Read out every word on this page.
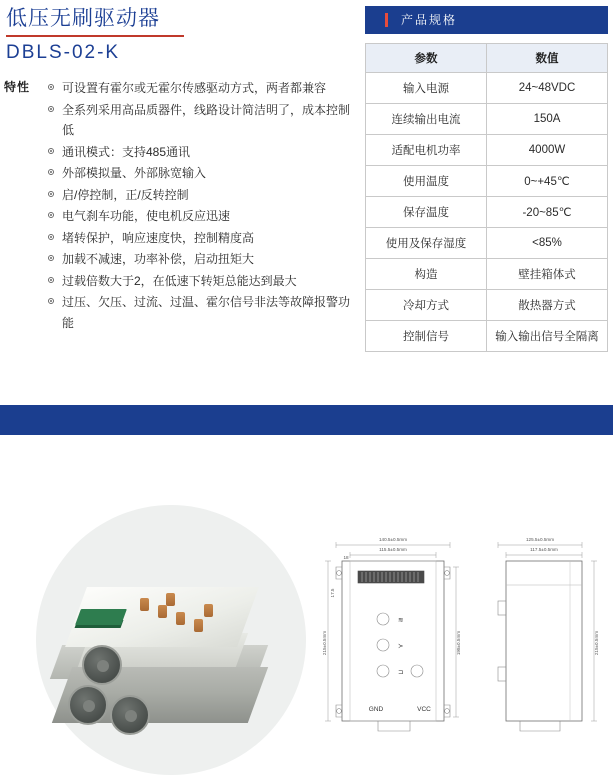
低压无刷驱动器
DBLS-02-K
特性	可设置有霍尔或无霍尔传感驱动方式，两者都兼容
全系列采用高品质器件，线路设计简洁明了，成本控制低
通讯模式：支持485通讯
外部模拟量、外部脉宽输入
启/停控制，正/反转控制
电气刹车功能，使电机反应迅速
堵转保护，响应速度快，控制精度高
加载不减速，功率补偿，启动扭矩大
过载倍数大于2，在低速下转矩总能达到最大
过压、欠压、过流、过温、霍尔信号非法等故障报警功能
产品规格
参数	数值
输入电源	24~48VDC
连续输出电流	150A
适配电机功率	4000W
使用温度	0~+45℃
保存温度	-20~85℃
使用及保存湿度	<85%
构造	壁挂箱体式
冷却方式	散热器方式
控制信号	输入输出信号全隔离
140.5±0.5mm
115.5±0.5mm
18
215±0.5mm	198±0.5mm
17.5
GND	VCC
≋
≻
⊐
125.5±0.5mm
117.5±0.5mm
215±0.5mm
